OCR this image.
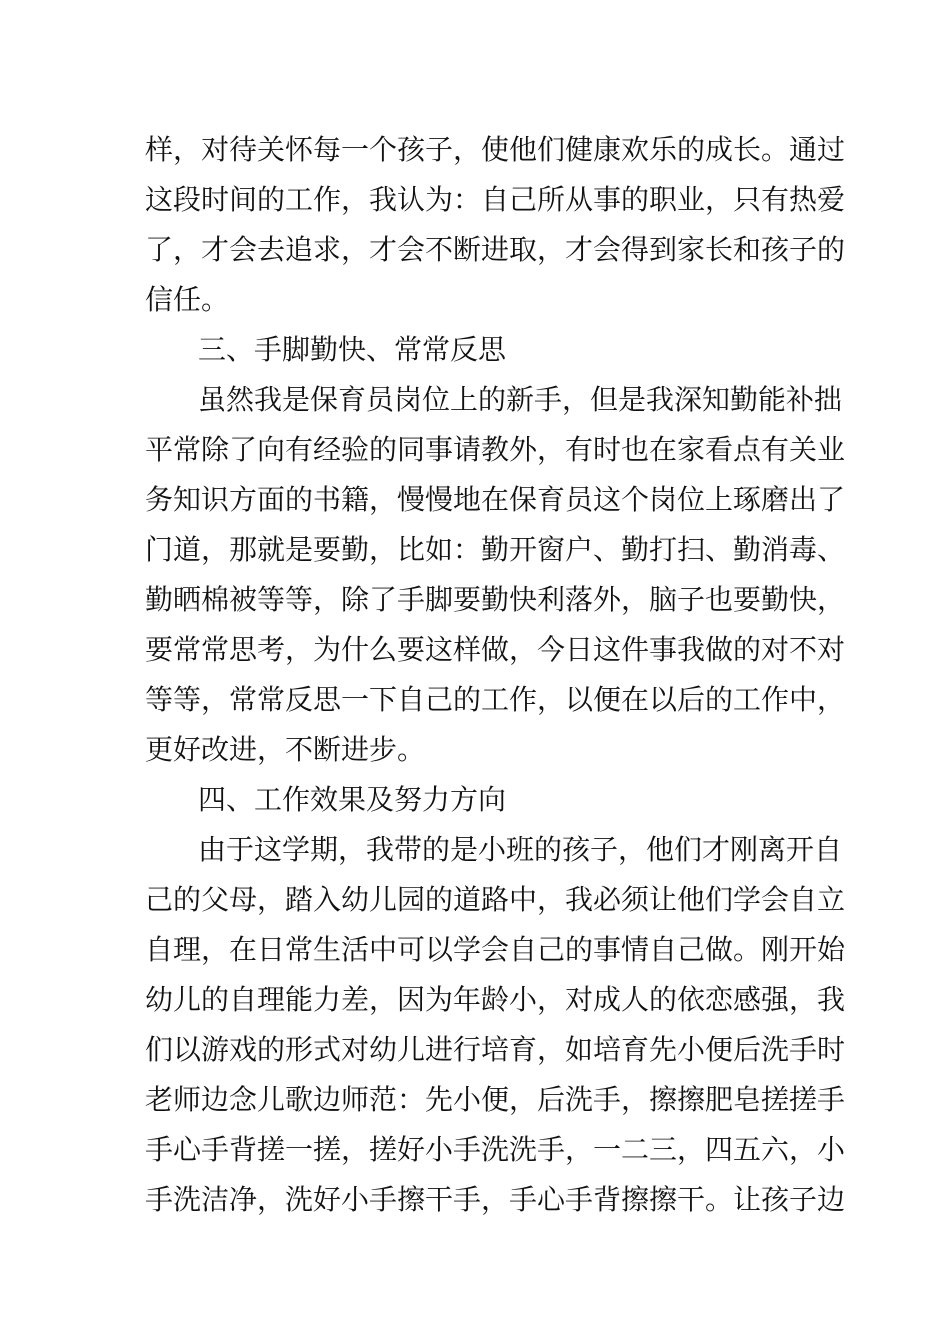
样，对待关怀每一个孩子，使他们健康欢乐的成长。通过
这段时间的工作，我认为：自己所从事的职业，只有热爱
了，才会去追求，才会不断进取，才会得到家长和孩子的
信任。
三、手脚勤快、常常反思
虽然我是保育员岗位上的新手，但是我深知勤能补拙
平常除了向有经验的同事请教外，有时也在家看点有关业
务知识方面的书籍，慢慢地在保育员这个岗位上琢磨出了
门道，那就是要勤，比如：勤开窗户、勤打扫、勤消毒、
勤晒棉被等等，除了手脚要勤快利落外，脑子也要勤快，
要常常思考，为什么要这样做，今日这件事我做的对不对
等等，常常反思一下自己的工作，以便在以后的工作中，
更好改进，不断进步。
四、工作效果及努力方向
由于这学期，我带的是小班的孩子，他们才刚离开自
己的父母，踏入幼儿园的道路中，我必须让他们学会自立
自理，在日常生活中可以学会自己的事情自己做。刚开始
幼儿的自理能力差，因为年龄小，对成人的依恋感强，我
们以游戏的形式对幼儿进行培育，如培育先小便后洗手时
老师边念儿歌边师范：先小便，后洗手，擦擦肥皂搓搓手
手心手背搓一搓，搓好小手洗洗手，一二三，四五六，小
手洗洁净，洗好小手擦干手，手心手背擦擦干。让孩子边
